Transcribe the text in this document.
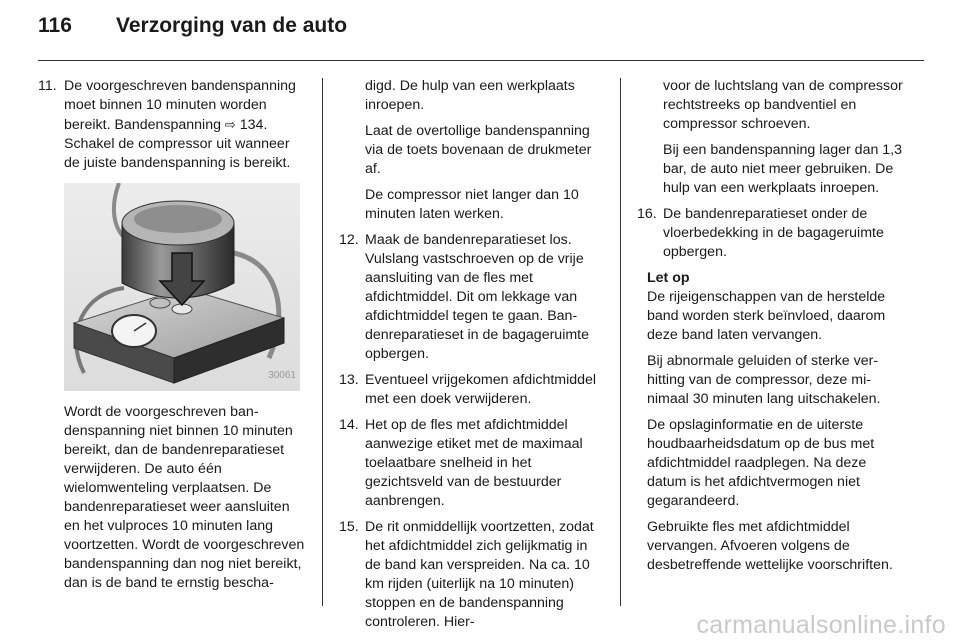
116	Verzorging van de auto
11. De voorgeschreven bandenspanning moet binnen 10 minuten worden bereikt. Bandenspanning ⇨ 134. Schakel de compressor uit wanneer de juiste bandenspanning is bereikt.
30061
Wordt de voorgeschreven bandenspanning niet binnen 10 minuten bereikt, dan de bandenreparatieset verwijderen. De auto één wielomwenteling verplaatsen. De bandenreparatieset weer aansluiten en het vulproces 10 minuten lang voortzetten. Wordt de voorgeschreven bandenspanning dan nog niet bereikt, dan is de band te ernstig bescha-
digd. De hulp van een werkplaats inroepen.
Laat de overtollige bandenspanning via de toets bovenaan de drukmeter af.
De compressor niet langer dan 10 minuten laten werken.
12. Maak de bandenreparatieset los. Vulslang vastschroeven op de vrije aansluiting van de fles met afdichtmiddel. Dit om lekkage van afdichtmiddel tegen te gaan. Bandenreparatieset in de bagageruimte opbergen.
13. Eventueel vrijgekomen afdichtmiddel met een doek verwijderen.
14. Het op de fles met afdichtmiddel aanwezige etiket met de maximaal toelaatbare snelheid in het gezichtsveld van de bestuurder aanbrengen.
15. De rit onmiddellijk voortzetten, zodat het afdichtmiddel zich gelijkmatig in de band kan verspreiden. Na ca. 10 km rijden (uiterlijk na 10 minuten) stoppen en de bandenspanning controleren. Hier-
voor de luchtslang van de compressor rechtstreeks op bandventiel en compressor schroeven.
Bij een bandenspanning lager dan 1,3 bar, de auto niet meer gebruiken. De hulp van een werkplaats inroepen.
16. De bandenreparatieset onder de vloerbedekking in de bagageruimte opbergen.
Let op
De rijeigenschappen van de herstelde band worden sterk beïnvloed, daarom deze band laten vervangen.
Bij abnormale geluiden of sterke verhitting van de compressor, deze minimaal 30 minuten lang uitschakelen.
De opslaginformatie en de uiterste houdbaarheidsdatum op de bus met afdichtmiddel raadplegen. Na deze datum is het afdichtvermogen niet gegarandeerd.
Gebruikte fles met afdichtmiddel vervangen. Afvoeren volgens de desbetreffende wettelijke voorschriften.
carmanualsonline.info
